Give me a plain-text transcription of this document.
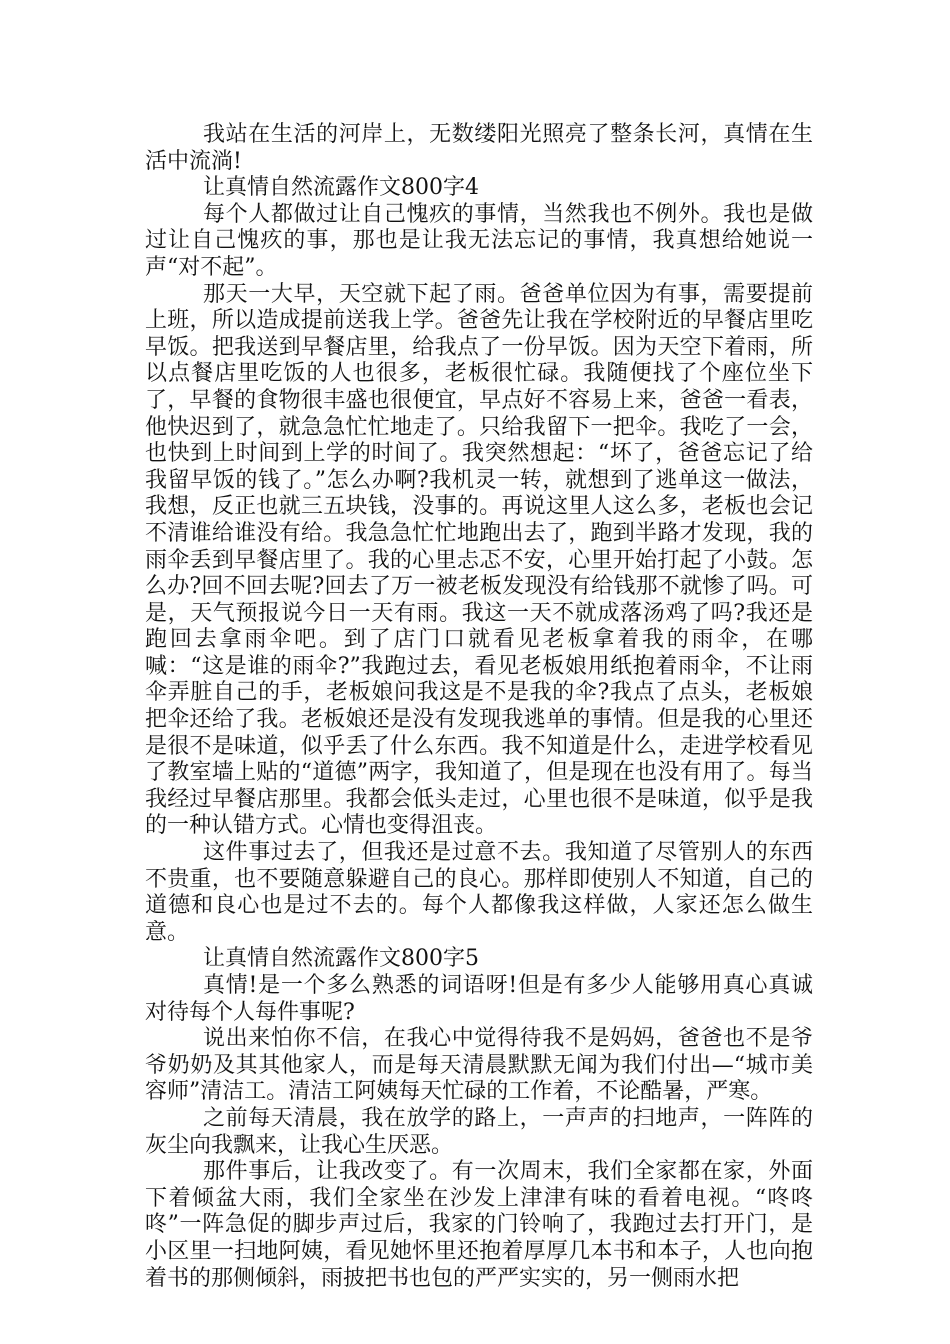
我站在生活的河岸上，无数缕阳光照亮了整条长河，真情在生活中流淌!

让真情自然流露作文800字4

每个人都做过让自己愧疚的事情，当然我也不例外。我也是做过让自己愧疚的事，那也是让我无法忘记的事情，我真想给她说一声“对不起”。

那天一大早，天空就下起了雨。爸爸单位因为有事，需要提前上班，所以造成提前送我上学。爸爸先让我在学校附近的早餐店里吃早饭。把我送到早餐店里，给我点了一份早饭。因为天空下着雨，所以点餐店里吃饭的人也很多，老板很忙碌。我随便找了个座位坐下了，早餐的食物很丰盛也很便宜，早点好不容易上来，爸爸一看表，他快迟到了，就急急忙忙地走了。只给我留下一把伞。我吃了一会，也快到上时间到上学的时间了。我突然想起：“坏了，爸爸忘记了给我留早饭的钱了。”怎么办啊?我机灵一转，就想到了逃单这一做法，我想，反正也就三五块钱，没事的。再说这里人这么多，老板也会记不清谁给谁没有给。我急急忙忙地跑出去了，跑到半路才发现，我的雨伞丢到早餐店里了。我的心里忐忑不安，心里开始打起了小鼓。怎么办?回不回去呢?回去了万一被老板发现没有给钱那不就惨了吗。可是，天气预报说今日一天有雨。我这一天不就成落汤鸡了吗?我还是跑回去拿雨伞吧。到了店门口就看见老板拿着我的雨伞，在哪喊：“这是谁的雨伞?”我跑过去，看见老板娘用纸抱着雨伞，不让雨伞弄脏自己的手，老板娘问我这是不是我的伞?我点了点头，老板娘把伞还给了我。老板娘还是没有发现我逃单的事情。但是我的心里还是很不是味道，似乎丢了什么东西。我不知道是什么，走进学校看见了教室墙上贴的“道德”两字，我知道了，但是现在也没有用了。每当我经过早餐店那里。我都会低头走过，心里也很不是味道，似乎是我的一种认错方式。心情也变得沮丧。

这件事过去了，但我还是过意不去。我知道了尽管别人的东西不贵重，也不要随意躲避自己的良心。那样即使别人不知道，自己的道德和良心也是过不去的。每个人都像我这样做，人家还怎么做生意。

让真情自然流露作文800字5

真情!是一个多么熟悉的词语呀!但是有多少人能够用真心真诚对待每个人每件事呢?

说出来怕你不信，在我心中觉得待我不是妈妈，爸爸也不是爷爷奶奶及其其他家人，而是每天清晨默默无闻为我们付出—“城市美容师”清洁工。清洁工阿姨每天忙碌的工作着，不论酷暑，严寒。

之前每天清晨，我在放学的路上，一声声的扫地声，一阵阵的灰尘向我飘来，让我心生厌恶。

那件事后，让我改变了。有一次周末，我们全家都在家，外面下着倾盆大雨，我们全家坐在沙发上津津有味的看着电视。“咚咚咚”一阵急促的脚步声过后，我家的门铃响了，我跑过去打开门，是小区里一扫地阿姨，看见她怀里还抱着厚厚几本书和本子，人也向抱着书的那侧倾斜，雨披把书也包的严严实实的，另一侧雨水把
